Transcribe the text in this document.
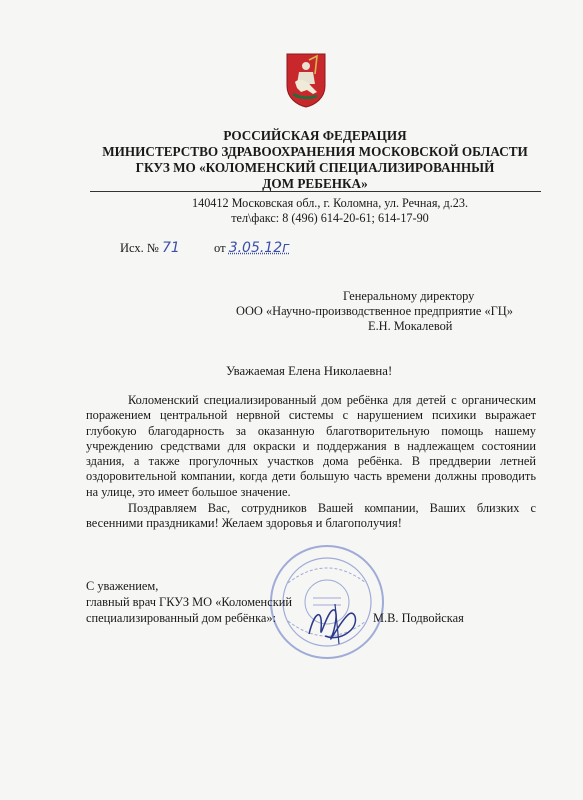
РОССИЙСКАЯ ФЕДЕРАЦИЯ
МИНИСТЕРСТВО ЗДРАВООХРАНЕНИЯ МОСКОВСКОЙ ОБЛАСТИ
ГКУЗ МО «КОЛОМЕНСКИЙ СПЕЦИАЛИЗИРОВАННЫЙ
ДОМ РЕБЕНКА»
140412 Московская обл., г. Коломна, ул. Речная, д.23.
тел\факс: 8 (496) 614-20-61; 614-17-90
Исх. № 71	от 3.05.12г
Генеральному директору
ООО «Научно-производственное предприятие «ГЦ»
Е.Н. Мокалевой
Уважаемая Елена Николаевна!

Коломенский специализированный дом ребёнка для детей с органическим поражением центральной нервной системы с нарушением психики выражает глубокую благодарность за оказанную благотворительную помощь нашему учреждению средствами для окраски и поддержания в надлежащем состоянии здания, а также прогулочных участков дома ребёнка. В преддверии летней оздоровительной компании, когда дети большую часть времени должны проводить на улице, это имеет большое значение.

Поздравляем Вас, сотрудников Вашей компании, Ваших близких с весенними праздниками! Желаем здоровья и благополучия!

С уважением,
главный врач ГКУЗ МО «Коломенский
специализированный дом ребёнка»:	М.В. Подвойская
